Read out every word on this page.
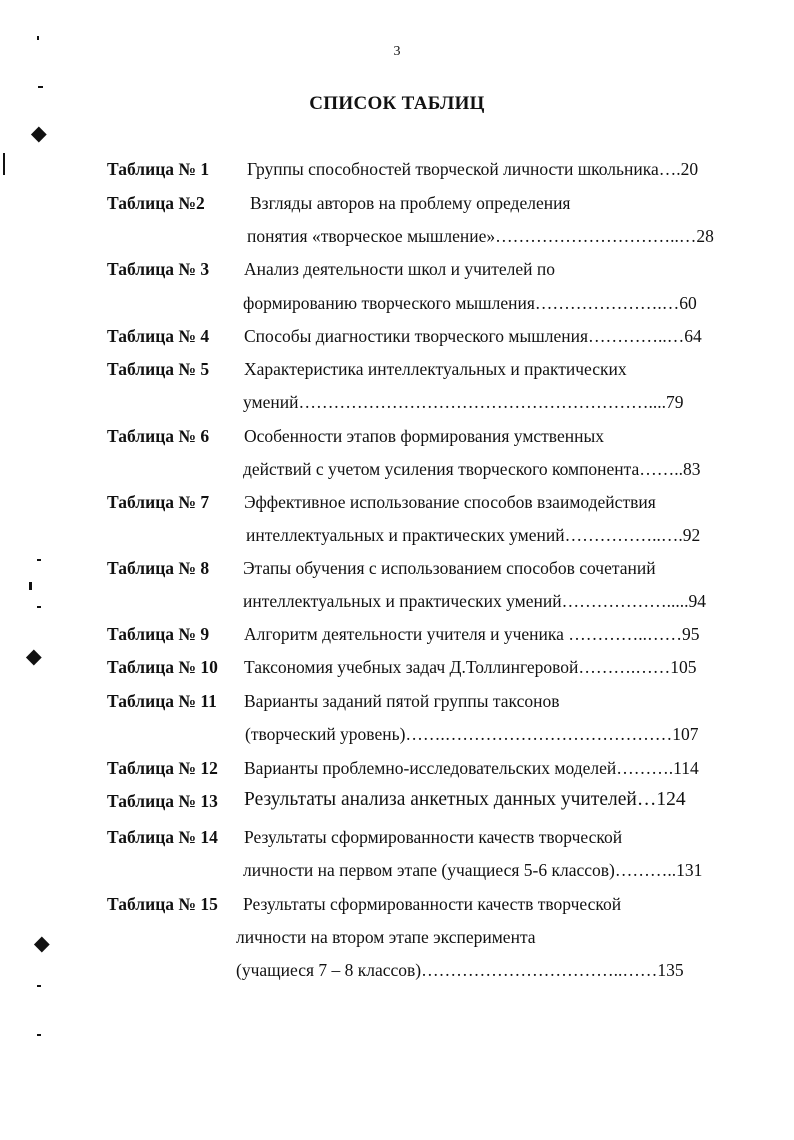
3
СПИСОК ТАБЛИЦ
Таблица № 1 Группы способностей творческой личности школьника….20
Таблица №2	Взгляды авторов на проблему определения
понятия «творческое мышление»…………………………..…28
Таблица № 3 Анализ деятельности школ и учителей по
формированию творческого мышления………………….…60
Таблица № 4 Способы диагностики творческого мышления…………..…64
Таблица № 5 Характеристика интеллектуальных и практических
умений……………………………………………………....79
Таблица № 6 Особенности этапов формирования умственных
действий с учетом усиления творческого компонента……..83
Таблица № 7 Эффективное использование способов взаимодействия
интеллектуальных и практических умений……………..….92
Таблица № 8 Этапы обучения с использованием способов сочетаний
интеллектуальных и практических умений……………….....94
Таблица № 9 Алгоритм деятельности учителя и ученика …………..……95
Таблица № 10 Таксономия учебных задач Д.Толлингеровой……….……105
Таблица № 11 Варианты заданий пятой группы таксонов
(творческий уровень)…….…………………………………107
Таблица № 12 Варианты проблемно-исследовательских моделей……….114
Таблица № 13 Результаты анализа анкетных данных учителей…124
Таблица № 14 Результаты сформированности качеств творческой
личности на первом этапе (учащиеся 5-6 классов)………..131
Таблица № 15 Результаты сформированности качеств творческой
личности на втором этапе эксперимента
(учащиеся 7 – 8 классов)……………………………..……135
⯁
⯁
⯁
